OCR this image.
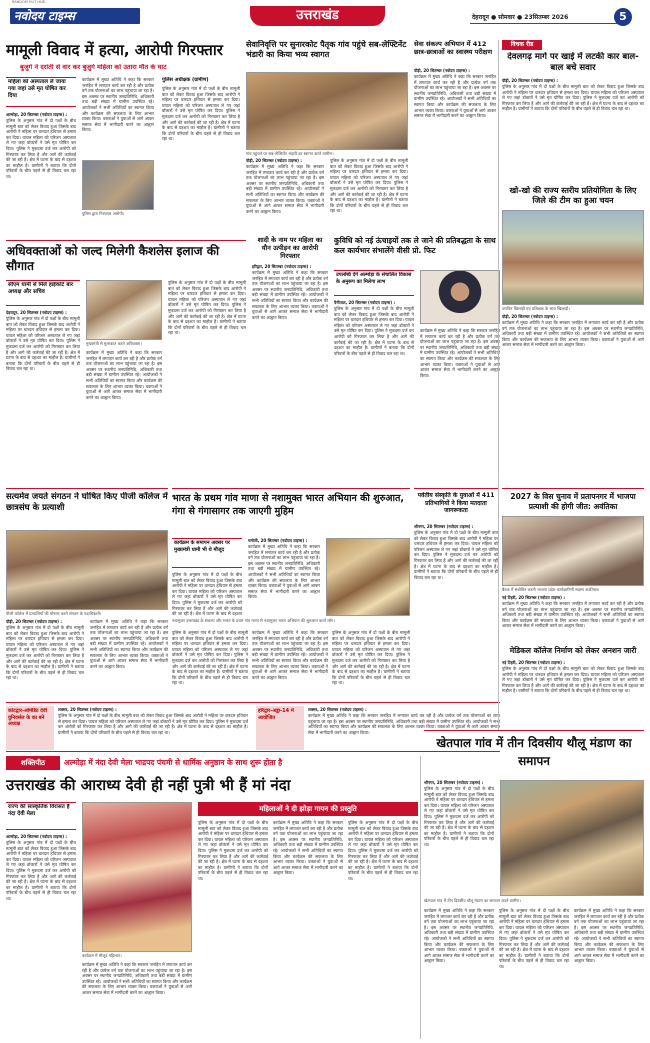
RANDOM HUT HUB
नवोदय टाइम्स	उत्तराखंड	देहरादून ● सोमवार ● 23सितम्बर 2026	5
मामूली विवाद में हत्या, आरोपी गिरफ्तार
बुजुर्ग ने दरांती से वार कर बुजुर्ग महिला को उतारा मौत के घाट
महिला को अस्पताल ले जाया गया जहां उसे मृत घोषित कर दिया
अल्मोड़ा, 20 सितम्बर (नवोदय टाइम्स) :
पुलिस के अनुसार गांव में दो पक्षों के बीच मामूली बात को लेकर विवाद हुआ जिसके बाद आरोपी ने महिला पर धारदार हथियार से हमला कर दिया। घायल महिला को परिजन अस्पताल ले गए जहां डॉक्टरों ने उसे मृत घोषित कर दिया। पुलिस ने मुकदमा दर्ज कर आरोपी को गिरफ्तार कर लिया है और आगे की कार्रवाई की जा रही है। क्षेत्र में घटना के बाद से दहशत का माहौल है। ग्रामीणों ने बताया कि दोनों परिवारों के बीच पहले से ही विवाद चल रहा था।
कार्यक्रम में मुख्य अतिथि ने कहा कि सरकार जनहित में लगातार कार्य कर रही है और प्रत्येक वर्ग तक योजनाओं का लाभ पहुंचाया जा रहा है। इस अवसर पर स्थानीय जनप्रतिनिधि, अधिकारी तथा बड़ी संख्या में ग्रामीण उपस्थित रहे। आयोजकों ने सभी अतिथियों का स्वागत किया और कार्यक्रम की सफलता के लिए आभार व्यक्त किया। वक्ताओं ने युवाओं से आगे आकर समाज सेवा में भागीदारी करने का आह्वान किया।
पुलिस द्वारा गिरफ्तार आरोपी।
पुलिस अधीक्षक (ग्रामीण)
पुलिस के अनुसार गांव में दो पक्षों के बीच मामूली बात को लेकर विवाद हुआ जिसके बाद आरोपी ने महिला पर धारदार हथियार से हमला कर दिया। घायल महिला को परिजन अस्पताल ले गए जहां डॉक्टरों ने उसे मृत घोषित कर दिया। पुलिस ने मुकदमा दर्ज कर आरोपी को गिरफ्तार कर लिया है और आगे की कार्रवाई की जा रही है। क्षेत्र में घटना के बाद से दहशत का माहौल है। ग्रामीणों ने बताया कि दोनों परिवारों के बीच पहले से ही विवाद चल रहा था।
सेवानिवृत्ति पर सुनारकोट पैतृक गांव पहुंचे सब-लेफ्टिनेंट भंडारी का किया भव्य स्वागत
गांव पहुंचने पर सब-लेफ्टिनेंट भंडारी का स्वागत करते ग्रामीण।
पौड़ी, 20 सितम्बर (नवोदय टाइम्स) :
कार्यक्रम में मुख्य अतिथि ने कहा कि सरकार जनहित में लगातार कार्य कर रही है और प्रत्येक वर्ग तक योजनाओं का लाभ पहुंचाया जा रहा है। इस अवसर पर स्थानीय जनप्रतिनिधि, अधिकारी तथा बड़ी संख्या में ग्रामीण उपस्थित रहे। आयोजकों ने सभी अतिथियों का स्वागत किया और कार्यक्रम की सफलता के लिए आभार व्यक्त किया। वक्ताओं ने युवाओं से आगे आकर समाज सेवा में भागीदारी करने का आह्वान किया।
पुलिस के अनुसार गांव में दो पक्षों के बीच मामूली बात को लेकर विवाद हुआ जिसके बाद आरोपी ने महिला पर धारदार हथियार से हमला कर दिया। घायल महिला को परिजन अस्पताल ले गए जहां डॉक्टरों ने उसे मृत घोषित कर दिया। पुलिस ने मुकदमा दर्ज कर आरोपी को गिरफ्तार कर लिया है और आगे की कार्रवाई की जा रही है। क्षेत्र में घटना के बाद से दहशत का माहौल है। ग्रामीणों ने बताया कि दोनों परिवारों के बीच पहले से ही विवाद चल रहा था।
सेवा संकल्प अभियान में 412 छात्र-छात्राओं का स्वास्थ्य परीक्षण
पौड़ी, 20 सितम्बर (नवोदय टाइम्स) :
कार्यक्रम में मुख्य अतिथि ने कहा कि सरकार जनहित में लगातार कार्य कर रही है और प्रत्येक वर्ग तक योजनाओं का लाभ पहुंचाया जा रहा है। इस अवसर पर स्थानीय जनप्रतिनिधि, अधिकारी तथा बड़ी संख्या में ग्रामीण उपस्थित रहे। आयोजकों ने सभी अतिथियों का स्वागत किया और कार्यक्रम की सफलता के लिए आभार व्यक्त किया। वक्ताओं ने युवाओं से आगे आकर समाज सेवा में भागीदारी करने का आह्वान किया।
विचक रीड
देवलगढ़ मार्ग पर खाई में लटकी कार बाल-बाल बचे सवार
पौड़ी, 20 सितम्बर (नवोदय टाइम्स) :
पुलिस के अनुसार गांव में दो पक्षों के बीच मामूली बात को लेकर विवाद हुआ जिसके बाद आरोपी ने महिला पर धारदार हथियार से हमला कर दिया। घायल महिला को परिजन अस्पताल ले गए जहां डॉक्टरों ने उसे मृत घोषित कर दिया। पुलिस ने मुकदमा दर्ज कर आरोपी को गिरफ्तार कर लिया है और आगे की कार्रवाई की जा रही है। क्षेत्र में घटना के बाद से दहशत का माहौल है। ग्रामीणों ने बताया कि दोनों परिवारों के बीच पहले से ही विवाद चल रहा था।
खो-खो की राज्य स्तरीय प्रतियोगिता के लिए जिले की टीम का हुआ चयन
चयनित खिलाड़ी एवं प्रशिक्षक के साथ खिलाड़ी।
पौड़ी, 20 सितम्बर (नवोदय टाइम्स) :
कार्यक्रम में मुख्य अतिथि ने कहा कि सरकार जनहित में लगातार कार्य कर रही है और प्रत्येक वर्ग तक योजनाओं का लाभ पहुंचाया जा रहा है। इस अवसर पर स्थानीय जनप्रतिनिधि, अधिकारी तथा बड़ी संख्या में ग्रामीण उपस्थित रहे। आयोजकों ने सभी अतिथियों का स्वागत किया और कार्यक्रम की सफलता के लिए आभार व्यक्त किया। वक्ताओं ने युवाओं से आगे आकर समाज सेवा में भागीदारी करने का आह्वान किया।
अधिवक्ताओं को जल्द मिलेगी कैशलेस इलाज की सौगात
सीएम धामी से मिले हाईकोर्ट बार अध्यक्ष और सचिव
देहरादून, 20 सितम्बर (नवोदय टाइम्स) :
पुलिस के अनुसार गांव में दो पक्षों के बीच मामूली बात को लेकर विवाद हुआ जिसके बाद आरोपी ने महिला पर धारदार हथियार से हमला कर दिया। घायल महिला को परिजन अस्पताल ले गए जहां डॉक्टरों ने उसे मृत घोषित कर दिया। पुलिस ने मुकदमा दर्ज कर आरोपी को गिरफ्तार कर लिया है और आगे की कार्रवाई की जा रही है। क्षेत्र में घटना के बाद से दहशत का माहौल है। ग्रामीणों ने बताया कि दोनों परिवारों के बीच पहले से ही विवाद चल रहा था।
मुख्यमंत्री से मुलाकात करते अधिवक्ता।
कार्यक्रम में मुख्य अतिथि ने कहा कि सरकार जनहित में लगातार कार्य कर रही है और प्रत्येक वर्ग तक योजनाओं का लाभ पहुंचाया जा रहा है। इस अवसर पर स्थानीय जनप्रतिनिधि, अधिकारी तथा बड़ी संख्या में ग्रामीण उपस्थित रहे। आयोजकों ने सभी अतिथियों का स्वागत किया और कार्यक्रम की सफलता के लिए आभार व्यक्त किया। वक्ताओं ने युवाओं से आगे आकर समाज सेवा में भागीदारी करने का आह्वान किया।
पुलिस के अनुसार गांव में दो पक्षों के बीच मामूली बात को लेकर विवाद हुआ जिसके बाद आरोपी ने महिला पर धारदार हथियार से हमला कर दिया। घायल महिला को परिजन अस्पताल ले गए जहां डॉक्टरों ने उसे मृत घोषित कर दिया। पुलिस ने मुकदमा दर्ज कर आरोपी को गिरफ्तार कर लिया है और आगे की कार्रवाई की जा रही है। क्षेत्र में घटना के बाद से दहशत का माहौल है। ग्रामीणों ने बताया कि दोनों परिवारों के बीच पहले से ही विवाद चल रहा था।
शादी के नाम पर महिला का यौन उत्पीड़न का आरोपी गिरफ्तार
हरिद्वार, 20 सितम्बर (नवोदय टाइम्स) :
कार्यक्रम में मुख्य अतिथि ने कहा कि सरकार जनहित में लगातार कार्य कर रही है और प्रत्येक वर्ग तक योजनाओं का लाभ पहुंचाया जा रहा है। इस अवसर पर स्थानीय जनप्रतिनिधि, अधिकारी तथा बड़ी संख्या में ग्रामीण उपस्थित रहे। आयोजकों ने सभी अतिथियों का स्वागत किया और कार्यक्रम की सफलता के लिए आभार व्यक्त किया। वक्ताओं ने युवाओं से आगे आकर समाज सेवा में भागीदारी करने का आह्वान किया।
कुविधि को नई ऊंचाइयों तक ले जाने की प्रतिबद्धता के साथ कल कार्यभार संभालेंगे वीसी प्रो. फिट
उपलब्धि देंगे अल्मोड़ा के संचालित विकास के अनुरूप का मिलेगा लाभ
पैनीताल, 20 सितम्बर (नवोदय टाइम्स) :
पुलिस के अनुसार गांव में दो पक्षों के बीच मामूली बात को लेकर विवाद हुआ जिसके बाद आरोपी ने महिला पर धारदार हथियार से हमला कर दिया। घायल महिला को परिजन अस्पताल ले गए जहां डॉक्टरों ने उसे मृत घोषित कर दिया। पुलिस ने मुकदमा दर्ज कर आरोपी को गिरफ्तार कर लिया है और आगे की कार्रवाई की जा रही है। क्षेत्र में घटना के बाद से दहशत का माहौल है। ग्रामीणों ने बताया कि दोनों परिवारों के बीच पहले से ही विवाद चल रहा था।
कार्यक्रम में मुख्य अतिथि ने कहा कि सरकार जनहित में लगातार कार्य कर रही है और प्रत्येक वर्ग तक योजनाओं का लाभ पहुंचाया जा रहा है। इस अवसर पर स्थानीय जनप्रतिनिधि, अधिकारी तथा बड़ी संख्या में ग्रामीण उपस्थित रहे। आयोजकों ने सभी अतिथियों का स्वागत किया और कार्यक्रम की सफलता के लिए आभार व्यक्त किया। वक्ताओं ने युवाओं से आगे आकर समाज सेवा में भागीदारी करने का आह्वान किया।
सत्यमेव जयते संगठन ने घोषित किए पीजी कॉलेज में छात्रसंघ के प्रत्याशी
पीजी कॉलेज में प्रत्याशियों की घोषणा करते संगठन के पदाधिकारी।
पौड़ी, 20 सितम्बर (नवोदय टाइम्स) :
पुलिस के अनुसार गांव में दो पक्षों के बीच मामूली बात को लेकर विवाद हुआ जिसके बाद आरोपी ने महिला पर धारदार हथियार से हमला कर दिया। घायल महिला को परिजन अस्पताल ले गए जहां डॉक्टरों ने उसे मृत घोषित कर दिया। पुलिस ने मुकदमा दर्ज कर आरोपी को गिरफ्तार कर लिया है और आगे की कार्रवाई की जा रही है। क्षेत्र में घटना के बाद से दहशत का माहौल है। ग्रामीणों ने बताया कि दोनों परिवारों के बीच पहले से ही विवाद चल रहा था।
कार्यक्रम में मुख्य अतिथि ने कहा कि सरकार जनहित में लगातार कार्य कर रही है और प्रत्येक वर्ग तक योजनाओं का लाभ पहुंचाया जा रहा है। इस अवसर पर स्थानीय जनप्रतिनिधि, अधिकारी तथा बड़ी संख्या में ग्रामीण उपस्थित रहे। आयोजकों ने सभी अतिथियों का स्वागत किया और कार्यक्रम की सफलता के लिए आभार व्यक्त किया। वक्ताओं ने युवाओं से आगे आकर समाज सेवा में भागीदारी करने का आह्वान किया।
भारत के प्रथम गांव माणा से नशामुक्त भारत अभियान की शुरुआत, गंगा से गंगासागर तक जाएगी मुहिम
कार्यक्रम के समापन अवसर पर मुख्यमंत्री धामी भी थे मौजूद
पुलिस के अनुसार गांव में दो पक्षों के बीच मामूली बात को लेकर विवाद हुआ जिसके बाद आरोपी ने महिला पर धारदार हथियार से हमला कर दिया। घायल महिला को परिजन अस्पताल ले गए जहां डॉक्टरों ने उसे मृत घोषित कर दिया। पुलिस ने मुकदमा दर्ज कर आरोपी को गिरफ्तार कर लिया है और आगे की कार्रवाई की जा रही है। क्षेत्र में घटना के बाद से दहशत
चमोली, 20 सितम्बर (नवोदय टाइम्स) :
कार्यक्रम में मुख्य अतिथि ने कहा कि सरकार जनहित में लगातार कार्य कर रही है और प्रत्येक वर्ग तक योजनाओं का लाभ पहुंचाया जा रहा है। इस अवसर पर स्थानीय जनप्रतिनिधि, अधिकारी तथा बड़ी संख्या में ग्रामीण उपस्थित रहे। आयोजकों ने सभी अतिथियों का स्वागत किया और कार्यक्रम की सफलता के लिए आभार व्यक्त किया। वक्ताओं ने युवाओं से आगे आकर समाज सेवा में भागीदारी करने का आह्वान किया।
नशामुक्त उत्तराखंड के संकल्प और भारत के प्रथम गांव माणा से नशामुक्त भारत अभियान की शुरुआत करते लोग।
पुलिस के अनुसार गांव में दो पक्षों के बीच मामूली बात को लेकर विवाद हुआ जिसके बाद आरोपी ने महिला पर धारदार हथियार से हमला कर दिया। घायल महिला को परिजन अस्पताल ले गए जहां डॉक्टरों ने उसे मृत घोषित कर दिया। पुलिस ने मुकदमा दर्ज कर आरोपी को गिरफ्तार कर लिया है और आगे की कार्रवाई की जा रही है। क्षेत्र में घटना के बाद से दहशत का माहौल है। ग्रामीणों ने बताया कि दोनों परिवारों के बीच पहले से ही विवाद चल रहा था।
कार्यक्रम में मुख्य अतिथि ने कहा कि सरकार जनहित में लगातार कार्य कर रही है और प्रत्येक वर्ग तक योजनाओं का लाभ पहुंचाया जा रहा है। इस अवसर पर स्थानीय जनप्रतिनिधि, अधिकारी तथा बड़ी संख्या में ग्रामीण उपस्थित रहे। आयोजकों ने सभी अतिथियों का स्वागत किया और कार्यक्रम की सफलता के लिए आभार व्यक्त किया। वक्ताओं ने युवाओं से आगे आकर समाज सेवा में भागीदारी करने का आह्वान किया।
पुलिस के अनुसार गांव में दो पक्षों के बीच मामूली बात को लेकर विवाद हुआ जिसके बाद आरोपी ने महिला पर धारदार हथियार से हमला कर दिया। घायल महिला को परिजन अस्पताल ले गए जहां डॉक्टरों ने उसे मृत घोषित कर दिया। पुलिस ने मुकदमा दर्ज कर आरोपी को गिरफ्तार कर लिया है और आगे की कार्रवाई की जा रही है। क्षेत्र में घटना के बाद से दहशत का माहौल है। ग्रामीणों ने बताया कि दोनों परिवारों के बीच पहले से ही विवाद चल रहा था।
पर्वतीय संस्कृति के युवाओं में 411 प्रतिभागियों ने किया मतदाता जागरूकता
श्रीनगर, 20 सितम्बर (नवोदय टाइम्स) :
पुलिस के अनुसार गांव में दो पक्षों के बीच मामूली बात को लेकर विवाद हुआ जिसके बाद आरोपी ने महिला पर धारदार हथियार से हमला कर दिया। घायल महिला को परिजन अस्पताल ले गए जहां डॉक्टरों ने उसे मृत घोषित कर दिया। पुलिस ने मुकदमा दर्ज कर आरोपी को गिरफ्तार कर लिया है और आगे की कार्रवाई की जा रही है। क्षेत्र में घटना के बाद से दहशत का माहौल है। ग्रामीणों ने बताया कि दोनों परिवारों के बीच पहले से ही विवाद चल रहा था।
2027 के विस चुनाव में प्रतापनगर में भाजपा प्रत्याशी की होगी जीत: अवंतिका
बैठक में संबोधित करती भाजपा प्रदेश कार्यकारिणी सदस्य अवंतिका।
नई टिहरी, 20 सितम्बर (नवोदय टाइम्स) :
कार्यक्रम में मुख्य अतिथि ने कहा कि सरकार जनहित में लगातार कार्य कर रही है और प्रत्येक वर्ग तक योजनाओं का लाभ पहुंचाया जा रहा है। इस अवसर पर स्थानीय जनप्रतिनिधि, अधिकारी तथा बड़ी संख्या में ग्रामीण उपस्थित रहे। आयोजकों ने सभी अतिथियों का स्वागत किया और कार्यक्रम की सफलता के लिए आभार व्यक्त किया। वक्ताओं ने युवाओं से आगे आकर समाज सेवा में भागीदारी करने का आह्वान किया।
मेडिकल कॉलेज निर्माण को लेकर अनशन जारी
नई टिहरी, 20 सितम्बर (नवोदय टाइम्स) :
पुलिस के अनुसार गांव में दो पक्षों के बीच मामूली बात को लेकर विवाद हुआ जिसके बाद आरोपी ने महिला पर धारदार हथियार से हमला कर दिया। घायल महिला को परिजन अस्पताल ले गए जहां डॉक्टरों ने उसे मृत घोषित कर दिया। पुलिस ने मुकदमा दर्ज कर आरोपी को गिरफ्तार कर लिया है और आगे की कार्रवाई की जा रही है। क्षेत्र में घटना के बाद से दहशत का माहौल है। ग्रामीणों ने बताया कि दोनों परिवारों के बीच पहले से ही विवाद चल रहा था।
कोटद्वार-ओमेडिट देवी युनिवर्सल के का बने अध्यक्ष
लक्सर, 20 सितम्बर (नवोदय टाइम्स) :
पुलिस के अनुसार गांव में दो पक्षों के बीच मामूली बात को लेकर विवाद हुआ जिसके बाद आरोपी ने महिला पर धारदार हथियार से हमला कर दिया। घायल महिला को परिजन अस्पताल ले गए जहां डॉक्टरों ने उसे मृत घोषित कर दिया। पुलिस ने मुकदमा दर्ज कर आरोपी को गिरफ्तार कर लिया है और आगे की कार्रवाई की जा रही है। क्षेत्र में घटना के बाद से दहशत का माहौल है। ग्रामीणों ने बताया कि दोनों परिवारों के बीच पहले से ही विवाद चल रहा था।
हरिद्वार-अड्डा-14 में आयोजित
लक्सर, 20 सितम्बर (नवोदय टाइम्स) :
कार्यक्रम में मुख्य अतिथि ने कहा कि सरकार जनहित में लगातार कार्य कर रही है और प्रत्येक वर्ग तक योजनाओं का लाभ पहुंचाया जा रहा है। इस अवसर पर स्थानीय जनप्रतिनिधि, अधिकारी तथा बड़ी संख्या में ग्रामीण उपस्थित रहे। आयोजकों ने सभी अतिथियों का स्वागत किया और कार्यक्रम की सफलता के लिए आभार व्यक्त किया। वक्ताओं ने युवाओं से आगे आकर समाज सेवा में भागीदारी करने का आह्वान किया।
शक्तिपीठ	अल्मोड़ा में नंदा देवी मेला भाद्रपद पंचमी से धार्मिक अनुष्ठान के साथ शुरू होता है
उत्तराखंड की आराध्य देवी ही नहीं पुत्री भी हैं मां नंदा
राज्य की सांस्कृतिक विरासत है नंदा देवी मेला
अल्मोड़ा, 20 सितम्बर (नवोदय टाइम्स) :
पुलिस के अनुसार गांव में दो पक्षों के बीच मामूली बात को लेकर विवाद हुआ जिसके बाद आरोपी ने महिला पर धारदार हथियार से हमला कर दिया। घायल महिला को परिजन अस्पताल ले गए जहां डॉक्टरों ने उसे मृत घोषित कर दिया। पुलिस ने मुकदमा दर्ज कर आरोपी को गिरफ्तार कर लिया है और आगे की कार्रवाई की जा रही है। क्षेत्र में घटना के बाद से दहशत का माहौल है। ग्रामीणों ने बताया कि दोनों परिवारों के बीच पहले से ही विवाद चल रहा था।
कार्यक्रम में मौजूद महिलाएं।
कार्यक्रम में मुख्य अतिथि ने कहा कि सरकार जनहित में लगातार कार्य कर रही है और प्रत्येक वर्ग तक योजनाओं का लाभ पहुंचाया जा रहा है। इस अवसर पर स्थानीय जनप्रतिनिधि, अधिकारी तथा बड़ी संख्या में ग्रामीण उपस्थित रहे। आयोजकों ने सभी अतिथियों का स्वागत किया और कार्यक्रम की सफलता के लिए आभार व्यक्त किया। वक्ताओं ने युवाओं से आगे आकर समाज सेवा में भागीदारी करने का आह्वान किया।
महिलाओं ने दी झोड़ा गायन की प्रस्तुति
पुलिस के अनुसार गांव में दो पक्षों के बीच मामूली बात को लेकर विवाद हुआ जिसके बाद आरोपी ने महिला पर धारदार हथियार से हमला कर दिया। घायल महिला को परिजन अस्पताल ले गए जहां डॉक्टरों ने उसे मृत घोषित कर दिया। पुलिस ने मुकदमा दर्ज कर आरोपी को गिरफ्तार कर लिया है और आगे की कार्रवाई की जा रही है। क्षेत्र में घटना के बाद से दहशत का माहौल है। ग्रामीणों ने बताया कि दोनों परिवारों के बीच पहले से ही विवाद चल रहा था।
कार्यक्रम में मुख्य अतिथि ने कहा कि सरकार जनहित में लगातार कार्य कर रही है और प्रत्येक वर्ग तक योजनाओं का लाभ पहुंचाया जा रहा है। इस अवसर पर स्थानीय जनप्रतिनिधि, अधिकारी तथा बड़ी संख्या में ग्रामीण उपस्थित रहे। आयोजकों ने सभी अतिथियों का स्वागत किया और कार्यक्रम की सफलता के लिए आभार व्यक्त किया। वक्ताओं ने युवाओं से आगे आकर समाज सेवा में भागीदारी करने का आह्वान किया।
पुलिस के अनुसार गांव में दो पक्षों के बीच मामूली बात को लेकर विवाद हुआ जिसके बाद आरोपी ने महिला पर धारदार हथियार से हमला कर दिया। घायल महिला को परिजन अस्पताल ले गए जहां डॉक्टरों ने उसे मृत घोषित कर दिया। पुलिस ने मुकदमा दर्ज कर आरोपी को गिरफ्तार कर लिया है और आगे की कार्रवाई की जा रही है। क्षेत्र में घटना के बाद से दहशत का माहौल है। ग्रामीणों ने बताया कि दोनों परिवारों के बीच पहले से ही विवाद चल रहा था।
खेतपाल गांव में तीन दिवसीय थौलू मंडाण का समापन
श्रीनगर, 20 सितम्बर (नवोदय टाइम्स) :
पुलिस के अनुसार गांव में दो पक्षों के बीच मामूली बात को लेकर विवाद हुआ जिसके बाद आरोपी ने महिला पर धारदार हथियार से हमला कर दिया। घायल महिला को परिजन अस्पताल ले गए जहां डॉक्टरों ने उसे मृत घोषित कर दिया। पुलिस ने मुकदमा दर्ज कर आरोपी को गिरफ्तार कर लिया है और आगे की कार्रवाई की जा रही है। क्षेत्र में घटना के बाद से दहशत का माहौल है। ग्रामीणों ने बताया कि दोनों परिवारों के बीच पहले से ही विवाद चल रहा था।
खेतपाल गांव में तीन दिवसीय थौलू मंडाण का समापन करते ग्रामीण।
कार्यक्रम में मुख्य अतिथि ने कहा कि सरकार जनहित में लगातार कार्य कर रही है और प्रत्येक वर्ग तक योजनाओं का लाभ पहुंचाया जा रहा है। इस अवसर पर स्थानीय जनप्रतिनिधि, अधिकारी तथा बड़ी संख्या में ग्रामीण उपस्थित रहे। आयोजकों ने सभी अतिथियों का स्वागत किया और कार्यक्रम की सफलता के लिए आभार व्यक्त किया। वक्ताओं ने युवाओं से आगे आकर समाज सेवा में भागीदारी करने का आह्वान किया।
पुलिस के अनुसार गांव में दो पक्षों के बीच मामूली बात को लेकर विवाद हुआ जिसके बाद आरोपी ने महिला पर धारदार हथियार से हमला कर दिया। घायल महिला को परिजन अस्पताल ले गए जहां डॉक्टरों ने उसे मृत घोषित कर दिया। पुलिस ने मुकदमा दर्ज कर आरोपी को गिरफ्तार कर लिया है और आगे की कार्रवाई की जा रही है। क्षेत्र में घटना के बाद से दहशत का माहौल है। ग्रामीणों ने बताया कि दोनों परिवारों के बीच पहले से ही विवाद चल रहा था।
कार्यक्रम में मुख्य अतिथि ने कहा कि सरकार जनहित में लगातार कार्य कर रही है और प्रत्येक वर्ग तक योजनाओं का लाभ पहुंचाया जा रहा है। इस अवसर पर स्थानीय जनप्रतिनिधि, अधिकारी तथा बड़ी संख्या में ग्रामीण उपस्थित रहे। आयोजकों ने सभी अतिथियों का स्वागत किया और कार्यक्रम की सफलता के लिए आभार व्यक्त किया। वक्ताओं ने युवाओं से आगे आकर समाज सेवा में भागीदारी करने का आह्वान किया।
